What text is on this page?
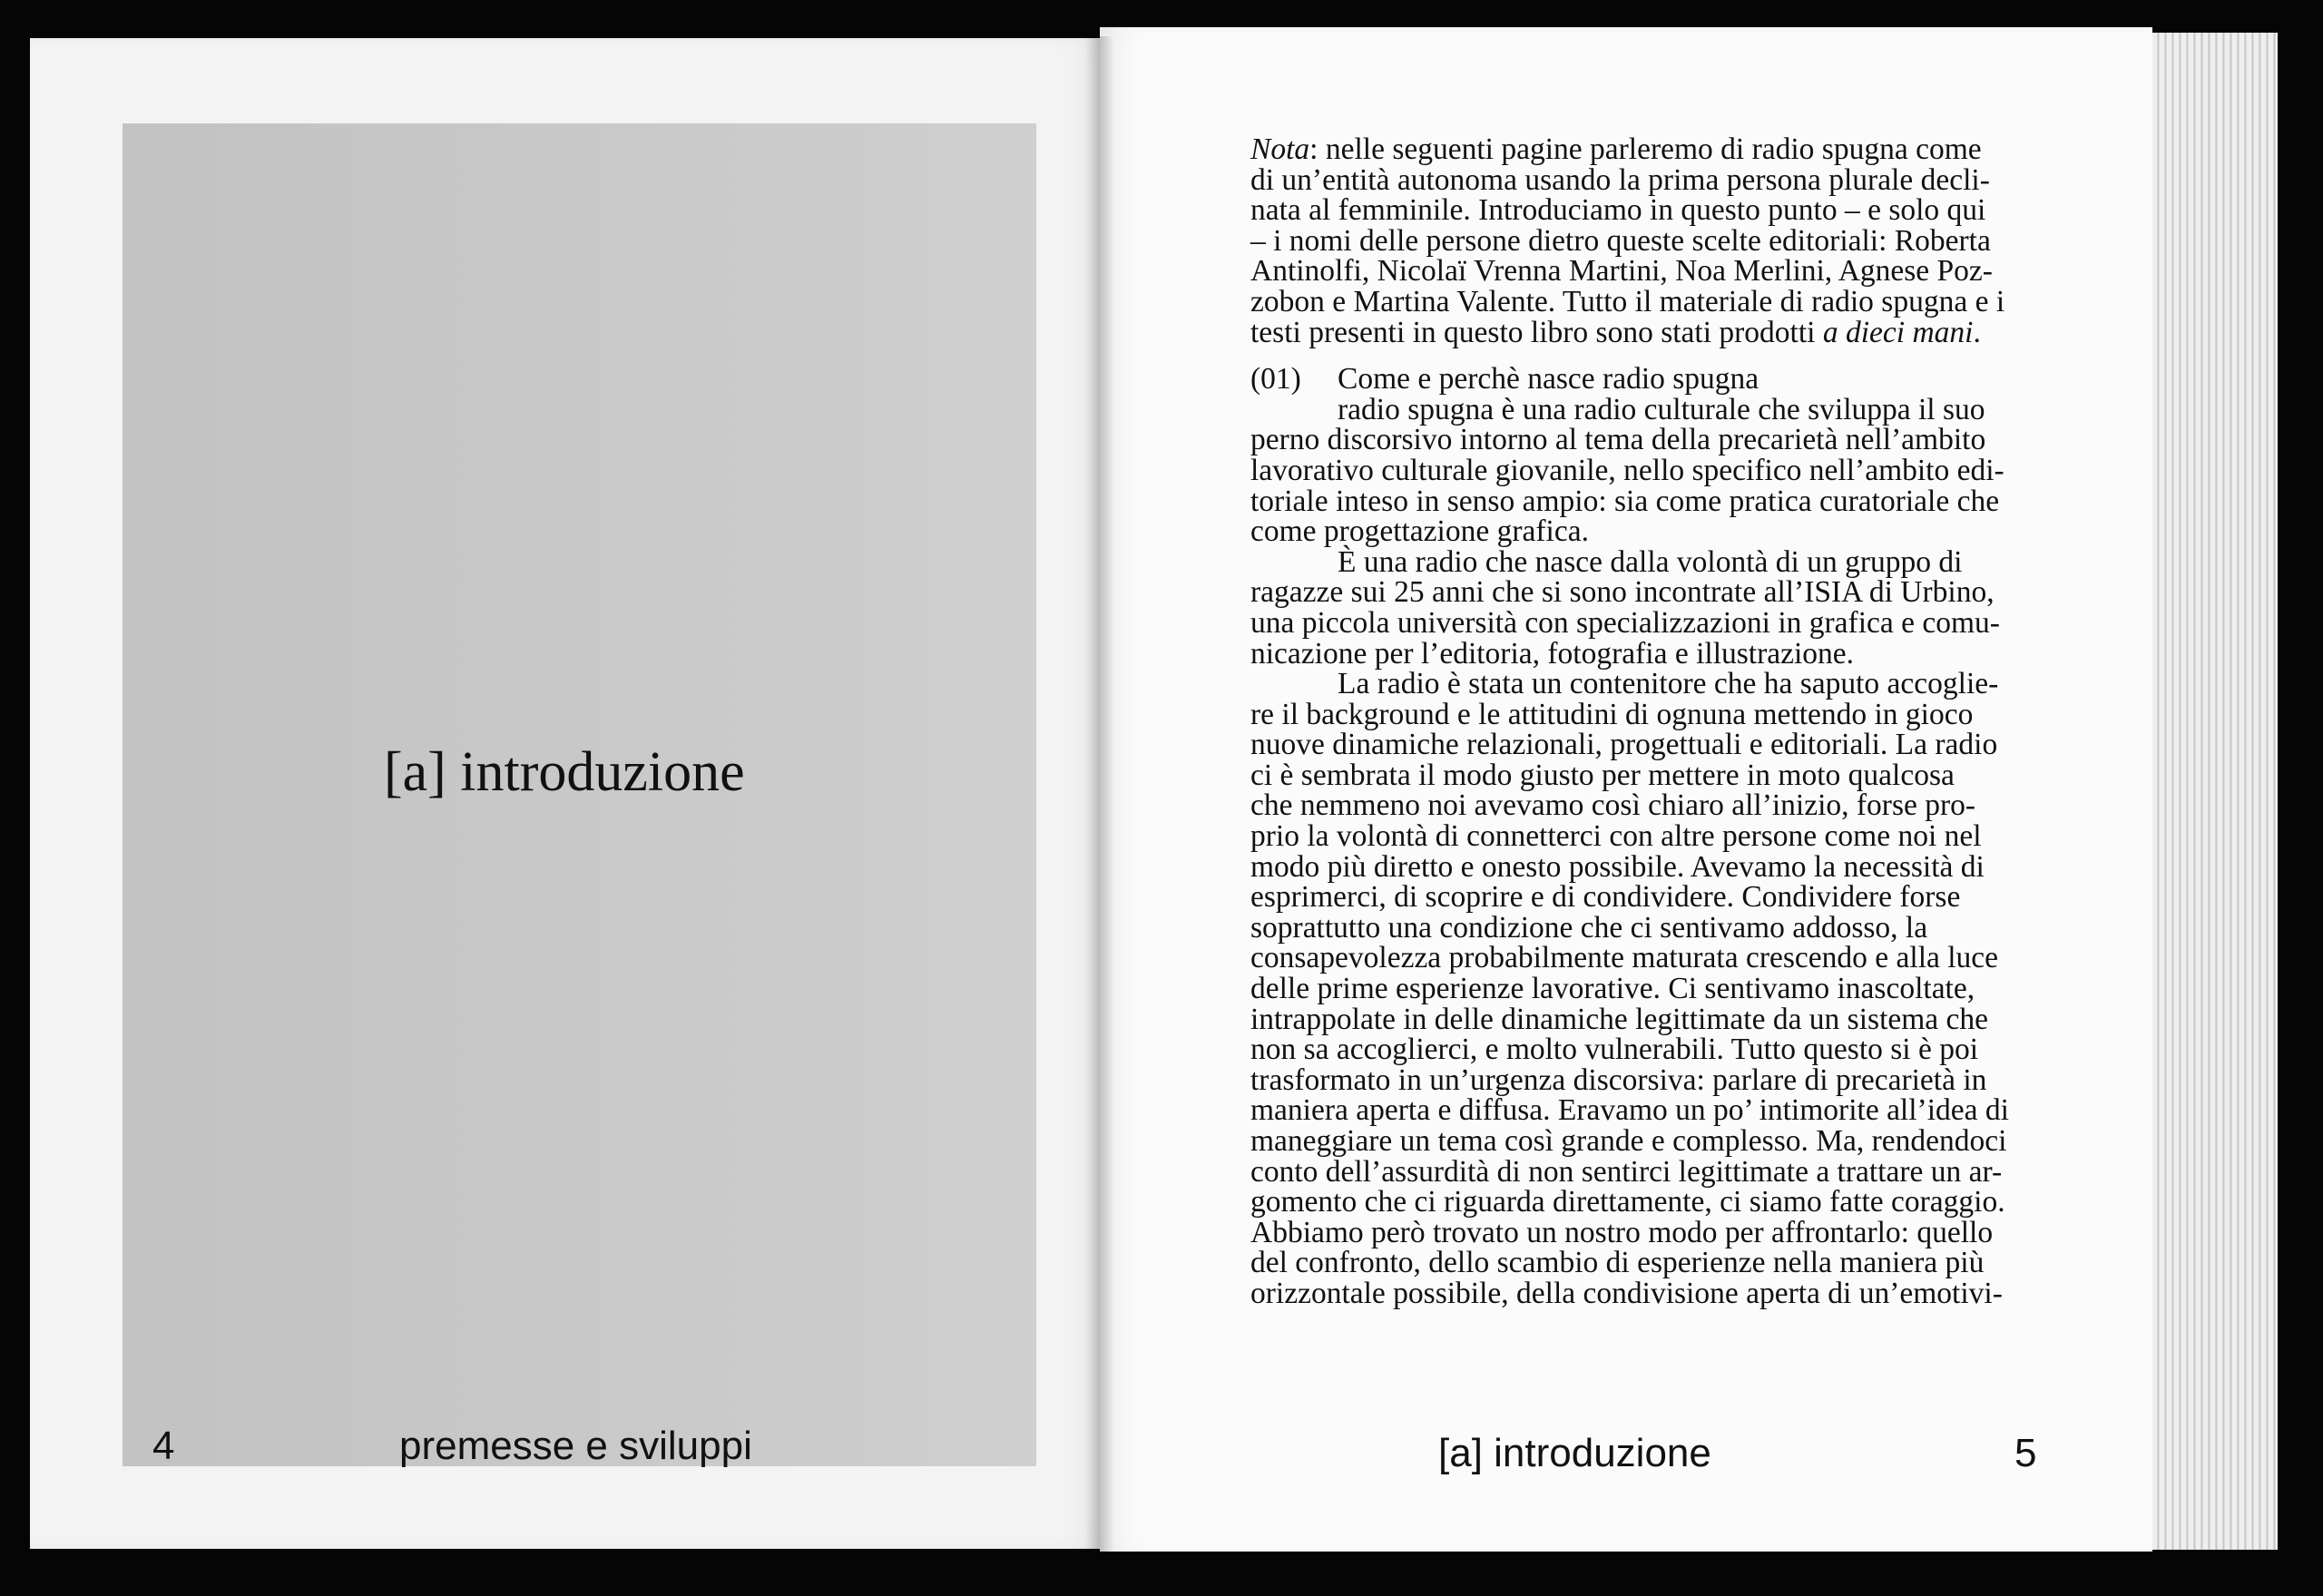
[a] introduzione
4	premesse e sviluppi
Nota: nelle seguenti pagine parleremo di radio spugna come
di un’entità autonoma usando la prima persona plurale decli-
nata al femminile. Introduciamo in questo punto – e solo qui
– i nomi delle persone dietro queste scelte editoriali: Roberta
Antinolfi, Nicolaï Vrenna Martini, Noa Merlini, Agnese Poz-
zobon e Martina Valente. Tutto il materiale di radio spugna e i
testi presenti in questo libro sono stati prodotti a dieci mani.
(01) Come e perchè nasce radio spugna
radio spugna è una radio culturale che sviluppa il suo
perno discorsivo intorno al tema della precarietà nell’ambito
lavorativo culturale giovanile, nello specifico nell’ambito edi-
toriale inteso in senso ampio: sia come pratica curatoriale che
come progettazione grafica.
È una radio che nasce dalla volontà di un gruppo di
ragazze sui 25 anni che si sono incontrate all’ISIA di Urbino,
una piccola università con specializzazioni in grafica e comu-
nicazione per l’editoria, fotografia e illustrazione.
La radio è stata un contenitore che ha saputo accoglie-
re il background e le attitudini di ognuna mettendo in gioco
nuove dinamiche relazionali, progettuali e editoriali. La radio
ci è sembrata il modo giusto per mettere in moto qualcosa
che nemmeno noi avevamo così chiaro all’inizio, forse pro-
prio la volontà di connetterci con altre persone come noi nel
modo più diretto e onesto possibile. Avevamo la necessità di
esprimerci, di scoprire e di condividere. Condividere forse
soprattutto una condizione che ci sentivamo addosso, la
consapevolezza probabilmente maturata crescendo e alla luce
delle prime esperienze lavorative. Ci sentivamo inascoltate,
intrappolate in delle dinamiche legittimate da un sistema che
non sa accoglierci, e molto vulnerabili. Tutto questo si è poi
trasformato in un’urgenza discorsiva: parlare di precarietà in
maniera aperta e diffusa. Eravamo un po’ intimorite all’idea di
maneggiare un tema così grande e complesso. Ma, rendendoci
conto dell’assurdità di non sentirci legittimate a trattare un ar-
gomento che ci riguarda direttamente, ci siamo fatte coraggio.
Abbiamo però trovato un nostro modo per affrontarlo: quello
del confronto, dello scambio di esperienze nella maniera più
orizzontale possibile, della condivisione aperta di un’emotivi-
[a] introduzione	5
